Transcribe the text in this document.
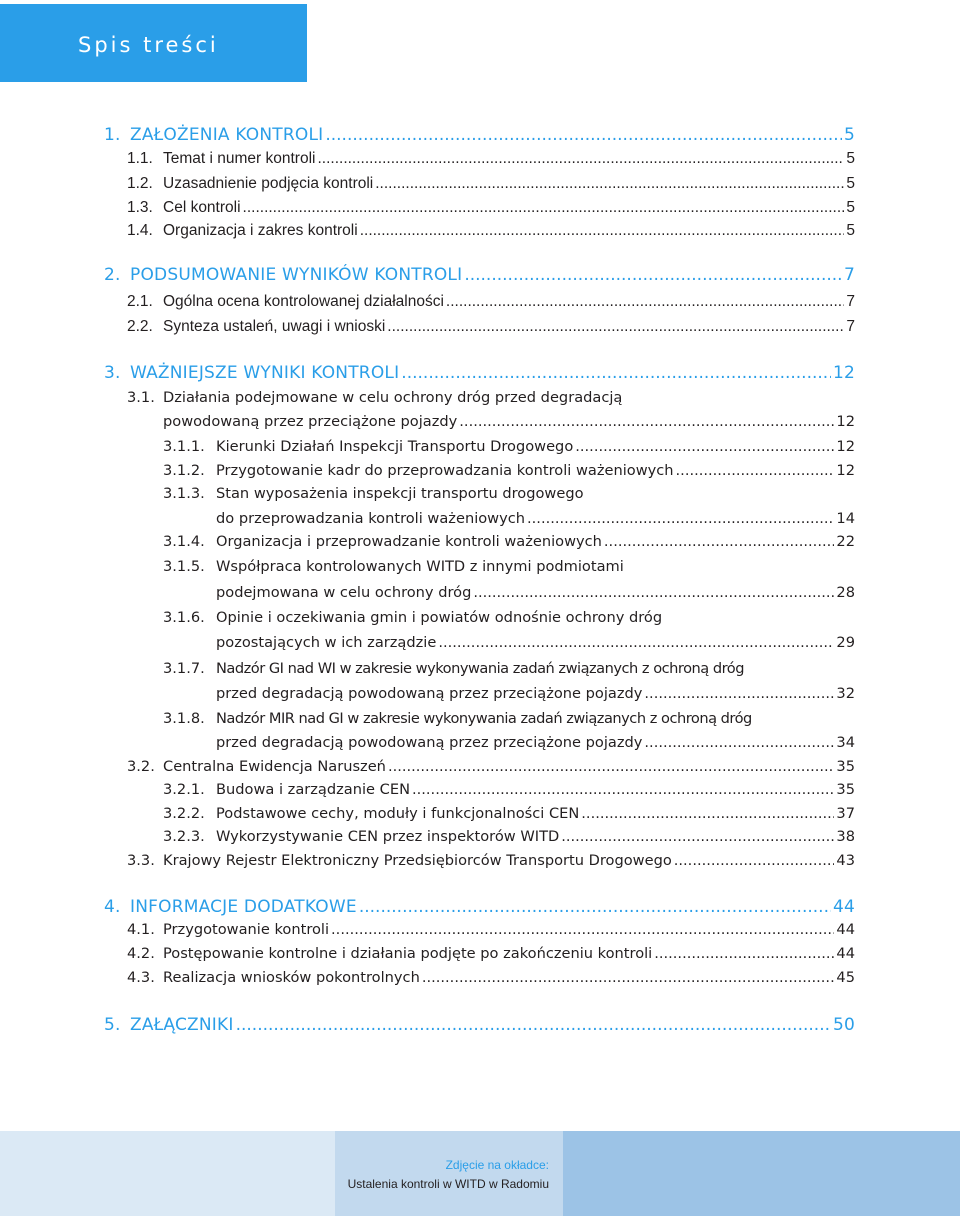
Spis treści
1. ZAŁOŻENIA KONTROLI .....	5
1.1. Temat i numer kontroli .....	5
1.2. Uzasadnienie podjęcia kontroli .....	5
1.3. Cel kontroli .....	5
1.4. Organizacja i zakres kontroli .....	5
2. PODSUMOWANIE WYNIKÓW KONTROLI .....	7
2.1. Ogólna ocena kontrolowanej działalności .....	7
2.2. Synteza ustaleń, uwagi i wnioski .....	7
3. WAŻNIEJSZE WYNIKI KONTROLI .....	12
3.1. Działania podejmowane w celu ochrony dróg przed degradacją
powodowaną przez przeciążone pojazdy .....	12
3.1.1. Kierunki Działań Inspekcji Transportu Drogowego .....	12
3.1.2. Przygotowanie kadr do przeprowadzania kontroli ważeniowych .....	12
3.1.3. Stan wyposażenia inspekcji transportu drogowego
do przeprowadzania kontroli ważeniowych .....	14
3.1.4. Organizacja i przeprowadzanie kontroli ważeniowych .....	22
3.1.5. Współpraca kontrolowanych WITD z innymi podmiotami
podejmowana w celu ochrony dróg .....	28
3.1.6. Opinie i oczekiwania gmin i powiatów odnośnie ochrony dróg
pozostających w ich zarządzie .....	29
3.1.7. Nadzór GI nad WI w zakresie wykonywania zadań związanych z ochroną dróg
przed degradacją powodowaną przez przeciążone pojazdy .....	32
3.1.8. Nadzór MIR nad GI w zakresie wykonywania zadań związanych z ochroną dróg
przed degradacją powodowaną przez przeciążone pojazdy .....	34
3.2. Centralna Ewidencja Naruszeń .....	35
3.2.1. Budowa i zarządzanie CEN .....	35
3.2.2. Podstawowe cechy, moduły i funkcjonalności CEN .....	37
3.2.3. Wykorzystywanie CEN przez inspektorów WITD .....	38
3.3. Krajowy Rejestr Elektroniczny Przedsiębiorców Transportu Drogowego .....	43
4. INFORMACJE DODATKOWE .....	44
4.1. Przygotowanie kontroli .....	44
4.2. Postępowanie kontrolne i działania podjęte po zakończeniu kontroli .....	44
4.3. Realizacja wniosków pokontrolnych .....	45
5. ZAŁĄCZNIKI .....	50
Zdjęcie na okładce:
Ustalenia kontroli w WITD w Radomiu
